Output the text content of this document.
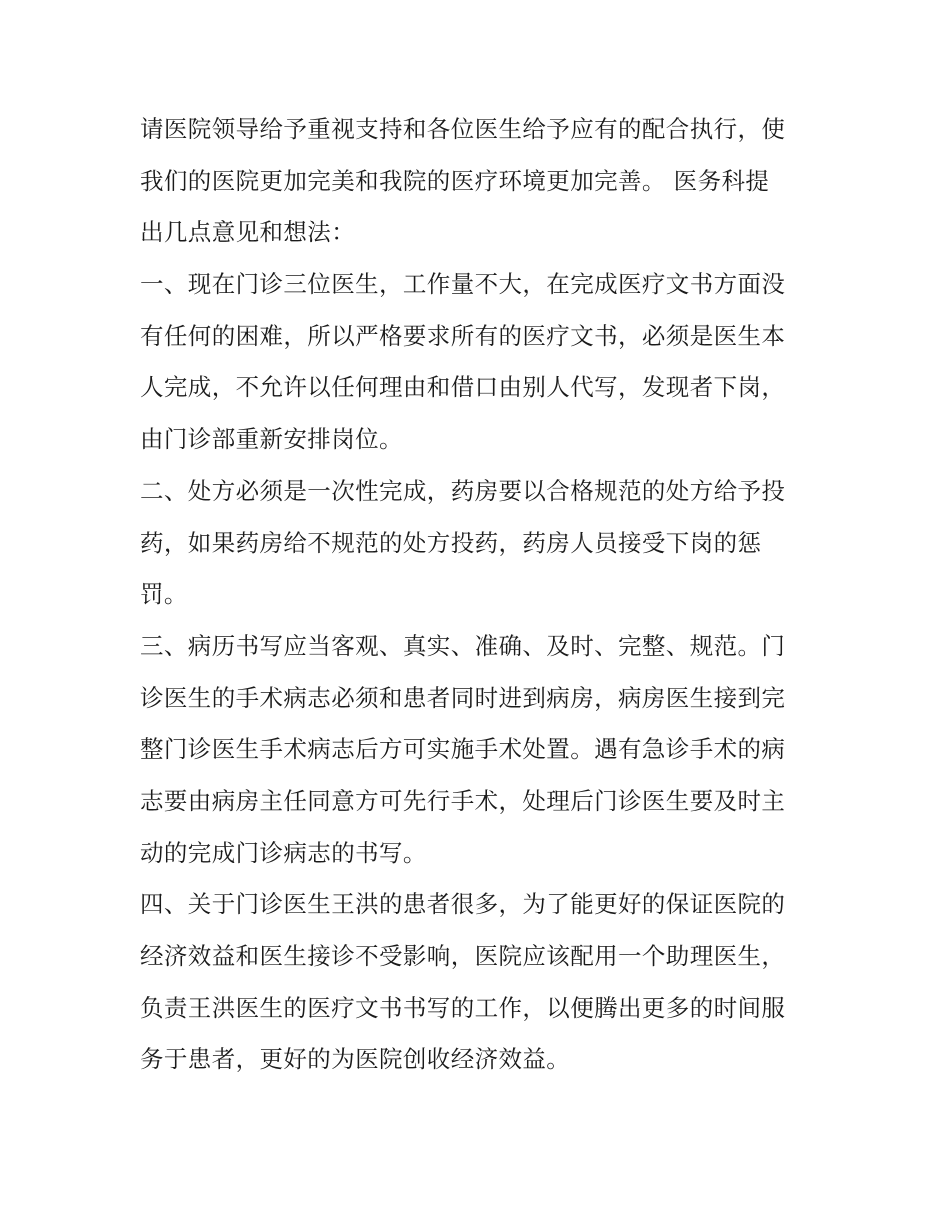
请医院领导给予重视支持和各位医生给予应有的配合执行，使
我们的医院更加完美和我院的医疗环境更加完善。 医务科提
出几点意见和想法：
一、现在门诊三位医生，工作量不大，在完成医疗文书方面没
有任何的困难，所以严格要求所有的医疗文书，必须是医生本
人完成，不允许以任何理由和借口由别人代写，发现者下岗，
由门诊部重新安排岗位。
二、处方必须是一次性完成，药房要以合格规范的处方给予投
药，如果药房给不规范的处方投药，药房人员接受下岗的惩
罚。
三、病历书写应当客观、真实、准确、及时、完整、规范。门
诊医生的手术病志必须和患者同时进到病房，病房医生接到完
整门诊医生手术病志后方可实施手术处置。遇有急诊手术的病
志要由病房主任同意方可先行手术，处理后门诊医生要及时主
动的完成门诊病志的书写。
四、关于门诊医生王洪的患者很多，为了能更好的保证医院的
经济效益和医生接诊不受影响，医院应该配用一个助理医生，
负责王洪医生的医疗文书书写的工作，以便腾出更多的时间服
务于患者，更好的为医院创收经济效益。
